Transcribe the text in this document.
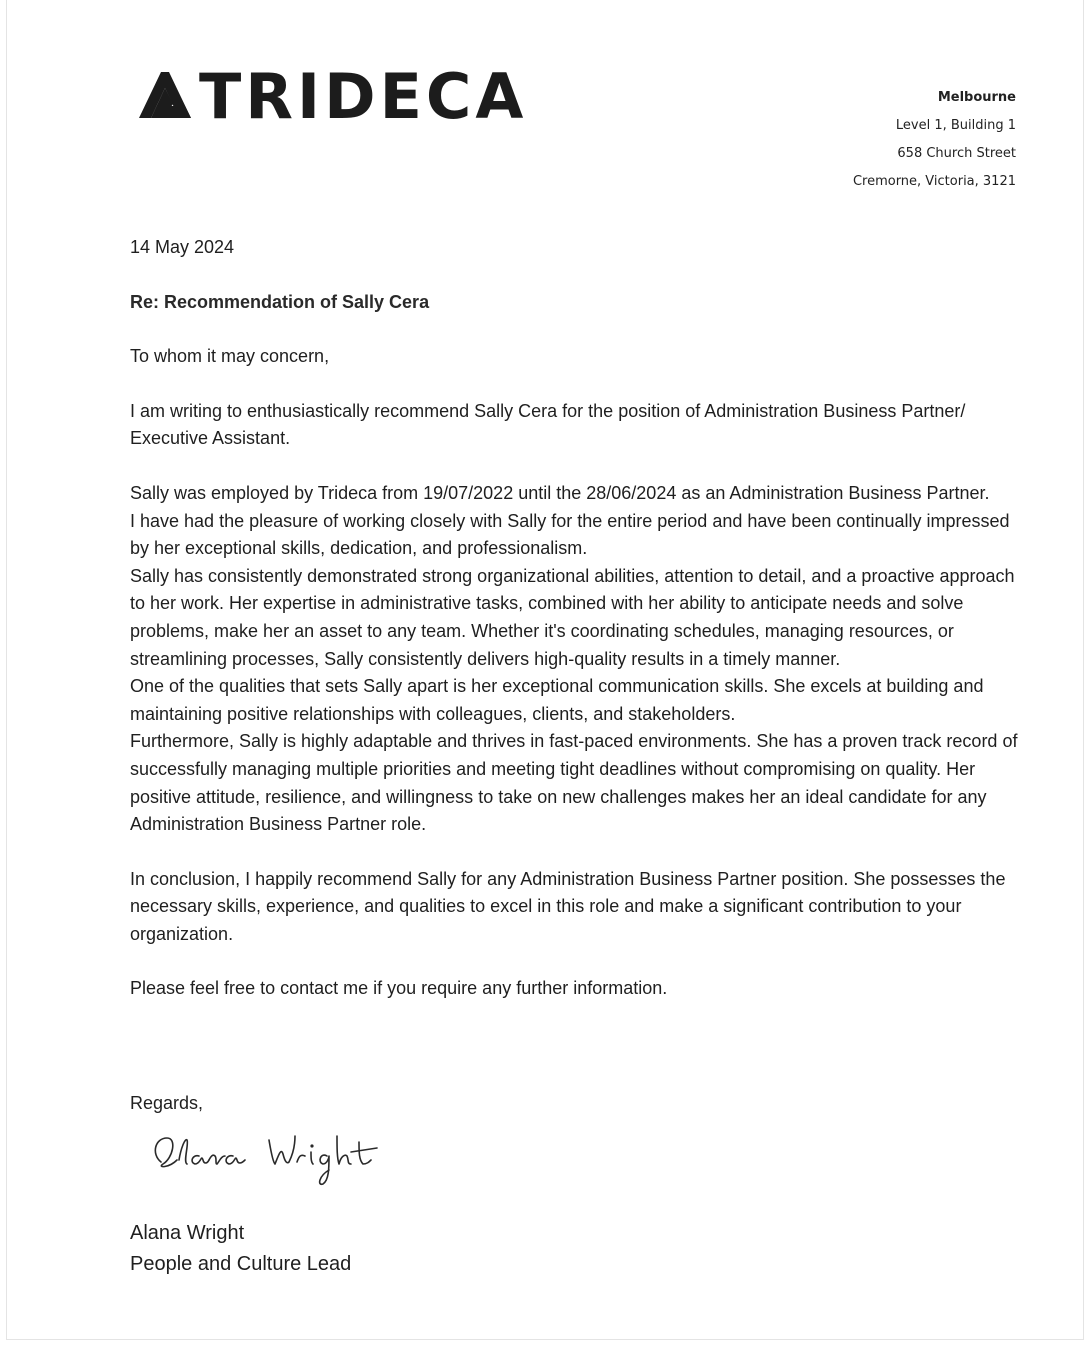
TRIDECA	Melbourne
Level 1, Building 1
658 Church Street
Cremorne, Victoria, 3121

14 May 2024

Re: Recommendation of Sally Cera

To whom it may concern,

I am writing to enthusiastically recommend Sally Cera for the position of Administration Business Partner/ Executive Assistant.

Sally was employed by Trideca from 19/07/2022 until the 28/06/2024 as an Administration Business Partner.

I have had the pleasure of working closely with Sally for the entire period and have been continually impressed by her exceptional skills, dedication, and professionalism.

Sally has consistently demonstrated strong organizational abilities, attention to detail, and a proactive approach to her work. Her expertise in administrative tasks, combined with her ability to anticipate needs and solve problems, make her an asset to any team. Whether it's coordinating schedules, managing resources, or streamlining processes, Sally consistently delivers high-quality results in a timely manner.

One of the qualities that sets Sally apart is her exceptional communication skills. She excels at building and maintaining positive relationships with colleagues, clients, and stakeholders.

Furthermore, Sally is highly adaptable and thrives in fast-paced environments. She has a proven track record of successfully managing multiple priorities and meeting tight deadlines without compromising on quality. Her positive attitude, resilience, and willingness to take on new challenges makes her an ideal candidate for any Administration Business Partner role.

In conclusion, I happily recommend Sally for any Administration Business Partner position. She possesses the necessary skills, experience, and qualities to excel in this role and make a significant contribution to your organization.

Please feel free to contact me if you require any further information.

Regards,
Alana Wright
People and Culture Lead
